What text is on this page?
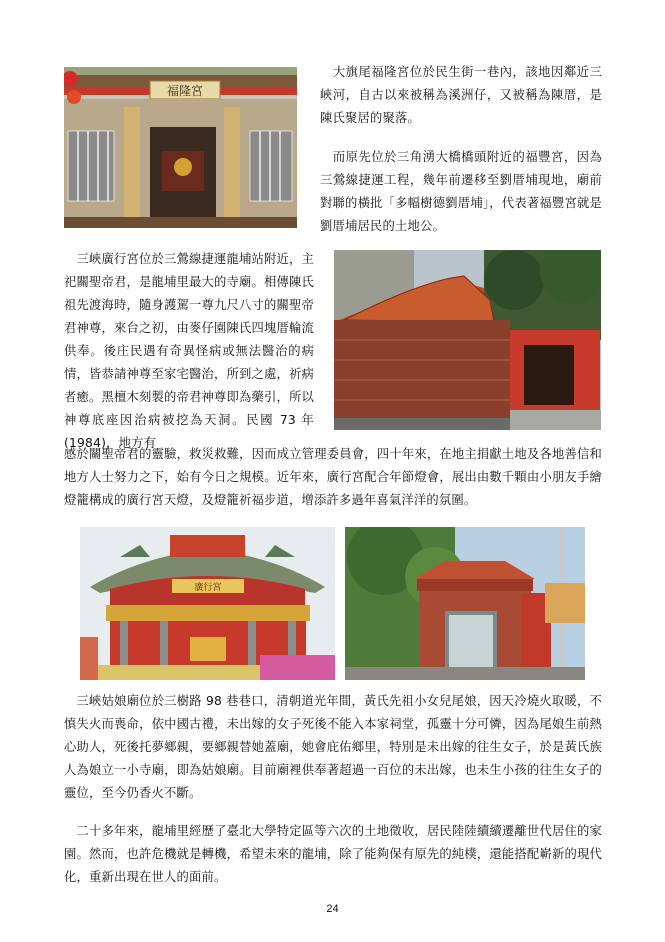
福隆宮

　大旗尾福隆宮位於民生街一巷內，該地因鄰近三峽河，自古以來被稱為溪洲仔，又被稱為陳厝，是陳氏聚居的聚落。

　而原先位於三角湧大橋橋頭附近的福豐宮，因為三鶯線捷運工程，幾年前遷移至劉厝埔現地，廟前對聯的橫批「多幅樹德劉厝埔」，代表著福豐宮就是劉厝埔居民的土地公。

　三峽廣行宮位於三鶯線捷運龍埔站附近，主祀關聖帝君，是龍埔里最大的寺廟。相傳陳氏祖先渡海時，隨身護駕一尊九尺八寸的關聖帝君神尊，來台之初，由麥仔園陳氏四塊厝輪流供奉。後庄民遇有奇異怪病或無法醫治的病情，皆恭請神尊至家宅醫治，所到之處，祈病者癒。黑檀木刻製的帝君神尊即為藥引，所以神尊底座因治病被挖為天洞。民國 73 年 (1984)，地方有

感於關聖帝君的靈驗，救災救難，因而成立管理委員會，四十年來，在地主捐獻土地及各地善信和地方人士努力之下，始有今日之規模。近年來，廣行宮配合年節燈會，展出由數千顆由小朋友手繪燈籠構成的廣行宮天燈，及燈籠祈福步道，增添許多過年喜氣洋洋的氛圍。

廣行宮

　三峽姑娘廟位於三樹路 98 巷巷口，清朝道光年間，黃氏先祖小女兒尾娘，因天冷燒火取暖，不慎失火而喪命，依中國古禮，未出嫁的女子死後不能入本家祠堂，孤靈十分可憐，因為尾娘生前熱心助人，死後托夢鄉親，要鄉親替她蓋廟，她會庇佑鄉里，特別是未出嫁的往生女子，於是黃氏族人為娘立一小寺廟，即為姑娘廟。目前廟裡供奉著超過一百位的未出嫁，也未生小孩的往生女子的靈位，至今仍香火不斷。

　二十多年來，龍埔里經歷了臺北大學特定區等六次的土地徵收，居民陸陸續續遷離世代居住的家園。然而，也許危機就是轉機，希望未來的龍埔，除了能夠保有原先的純樸，還能搭配嶄新的現代化，重新出現在世人的面前。

24
